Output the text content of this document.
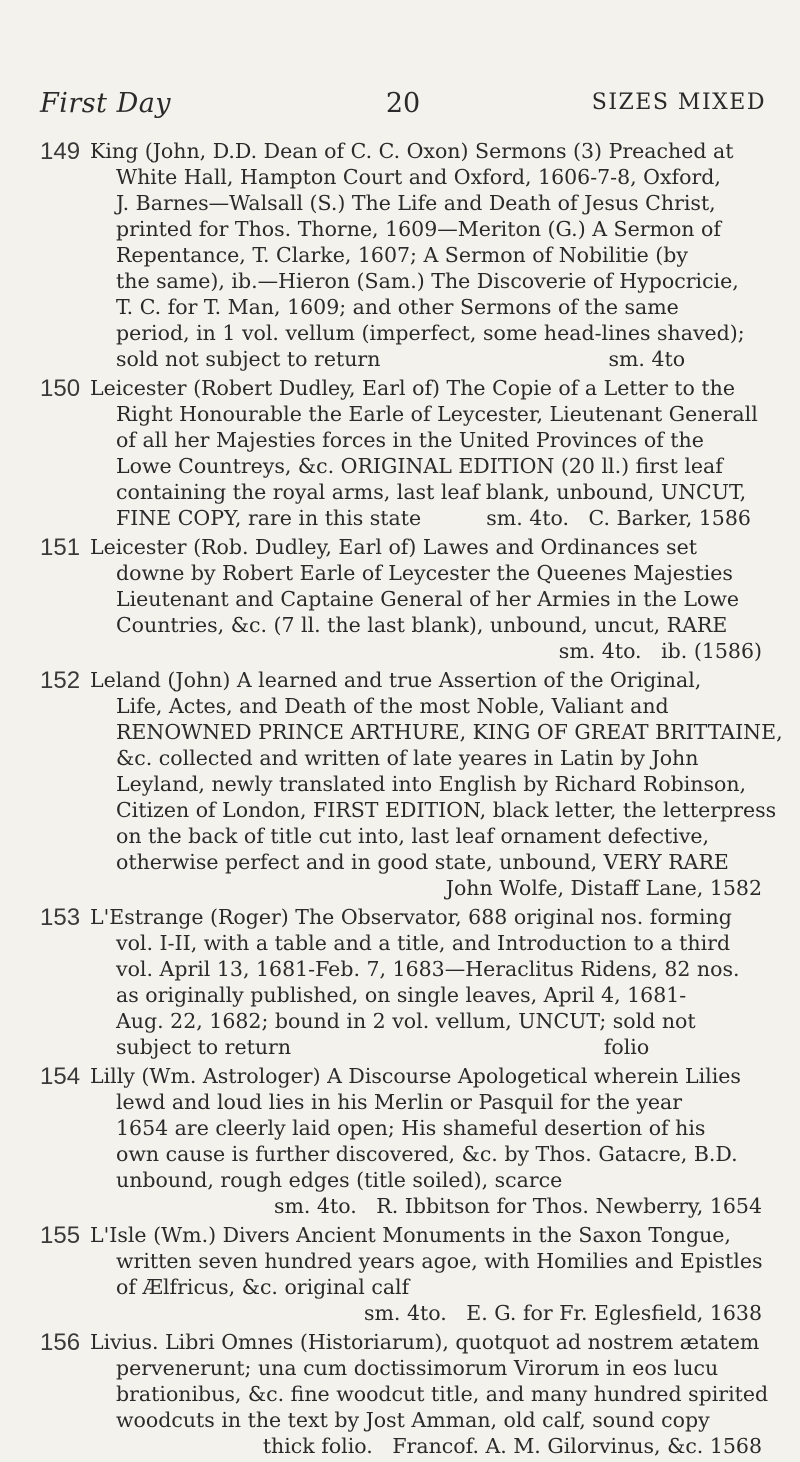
First Day	20	SIZES MIXED
149 King (John, D.D. Dean of C. C. Oxon) Sermons (3) Preached at
White Hall, Hampton Court and Oxford, 1606-7-8, Oxford,
J. Barnes—Walsall (S.) The Life and Death of Jesus Christ,
printed for Thos. Thorne, 1609—Meriton (G.) A Sermon of
Repentance, T. Clarke, 1607; A Sermon of Nobilitie (by
the same), ib.—Hieron (Sam.) The Discoverie of Hypocricie,
T. C. for T. Man, 1609; and other Sermons of the same
period, in 1 vol. vellum (imperfect, some head-lines shaved);
sold not subject to return                                   sm. 4to
150 Leicester (Robert Dudley, Earl of) The Copie of a Letter to the
Right Honourable the Earle of Leycester, Lieutenant Generall
of all her Majesties forces in the United Provinces of the
Lowe Countreys, &c. ORIGINAL EDITION (20 ll.) first leaf
containing the royal arms, last leaf blank, unbound, UNCUT,
FINE COPY, rare in this state          sm. 4to.   C. Barker, 1586
151 Leicester (Rob. Dudley, Earl of) Lawes and Ordinances set
downe by Robert Earle of Leycester the Queenes Majesties
Lieutenant and Captaine General of her Armies in the Lowe
Countries, &c. (7 ll. the last blank), unbound, uncut, RARE
sm. 4to.   ib. (1586)
152 Leland (John) A learned and true Assertion of the Original,
Life, Actes, and Death of the most Noble, Valiant and
RENOWNED PRINCE ARTHURE, KING OF GREAT BRITTAINE,
&c. collected and written of late yeares in Latin by John
Leyland, newly translated into English by Richard Robinson,
Citizen of London, FIRST EDITION, black letter, the letterpress
on the back of title cut into, last leaf ornament defective,
otherwise perfect and in good state, unbound, VERY RARE
John Wolfe, Distaff Lane, 1582
153 L'Estrange (Roger) The Observator, 688 original nos. forming
vol. I-II, with a table and a title, and Introduction to a third
vol. April 13, 1681-Feb. 7, 1683—Heraclitus Ridens, 82 nos.
as originally published, on single leaves, April 4, 1681-
Aug. 22, 1682; bound in 2 vol. vellum, UNCUT; sold not
subject to return                                                folio
154 Lilly (Wm. Astrologer) A Discourse Apologetical wherein Lilies
lewd and loud lies in his Merlin or Pasquil for the year
1654 are cleerly laid open; His shameful desertion of his
own cause is further discovered, &c. by Thos. Gatacre, B.D.
unbound, rough edges (title soiled), scarce
sm. 4to.   R. Ibbitson for Thos. Newberry, 1654
155 L'Isle (Wm.) Divers Ancient Monuments in the Saxon Tongue,
written seven hundred years agoe, with Homilies and Epistles
of Ælfricus, &c. original calf
sm. 4to.   E. G. for Fr. Eglesfield, 1638
156 Livius. Libri Omnes (Historiarum), quotquot ad nostrem ætatem
pervenerunt; una cum doctissimorum Virorum in eos lucu
brationibus, &c. fine woodcut title, and many hundred spirited
woodcuts in the text by Jost Amman, old calf, sound copy
thick folio.   Francof. A. M. Gilorvinus, &c. 1568
